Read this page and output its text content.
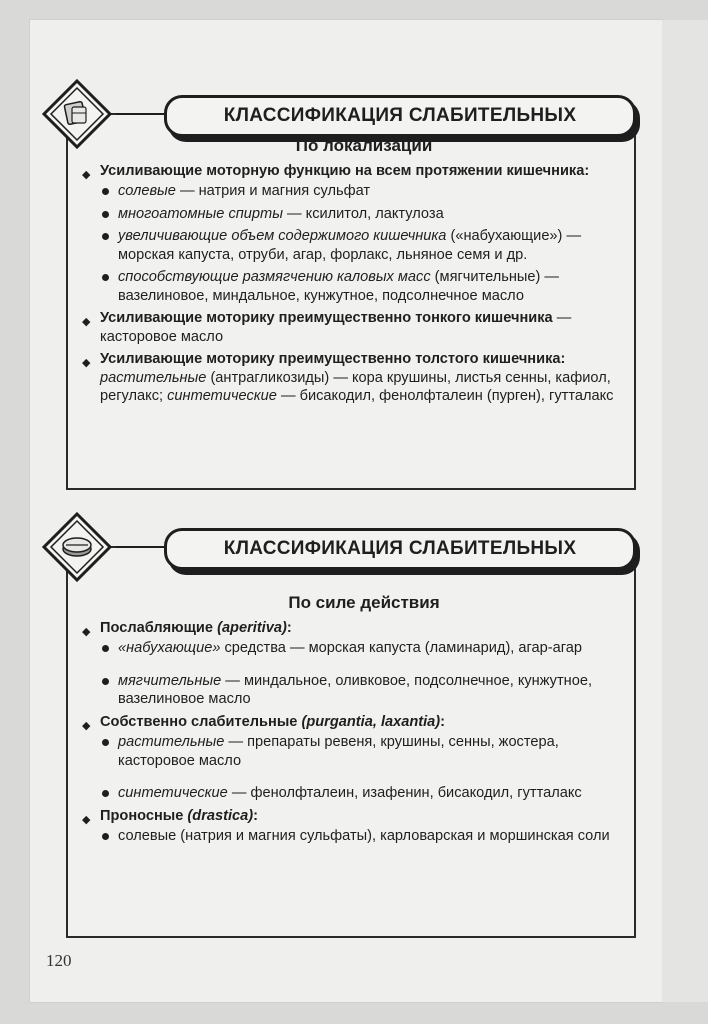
КЛАССИФИКАЦИЯ СЛАБИТЕЛЬНЫХ
По локализации
◆ Усиливающие моторную функцию на всем протяжении кишечника:
солевые — натрия и магния сульфат
многоатомные спирты — ксилитол, лактулоза
увеличивающие объем содержимого кишечника («набухающие») — морская капуста, отруби, агар, форлакс, льняное семя и др.
способствующие размягчению каловых масс (мягчительные) — вазелиновое, миндальное, кунжутное, подсолнечное масло
◆ Усиливающие моторику преимущественно тонкого кишечника — касторовое масло
◆ Усиливающие моторику преимущественно толстого кишечника: растительные (антрагликозиды) — кора крушины, листья сенны, кафиол, регулакс; синтетические — бисакодил, фенолфталеин (пурген), гутталакс
КЛАССИФИКАЦИЯ СЛАБИТЕЛЬНЫХ
По силе действия
◆ Послабляющие (aperitiva):
«набухающие» средства — морская капуста (ламинарид), агар-агар
мягчительные — миндальное, оливковое, подсолнечное, кунжутное, вазелиновое масло
◆ Собственно слабительные (purgantia, laxantia):
растительные — препараты ревеня, крушины, сенны, жостера, касторовое масло
синтетические — фенолфталеин, изафенин, бисакодил, гутталакс
◆ Проносные (drastica):
солевые (натрия и магния сульфаты), карловарская и моршинская соли
120
